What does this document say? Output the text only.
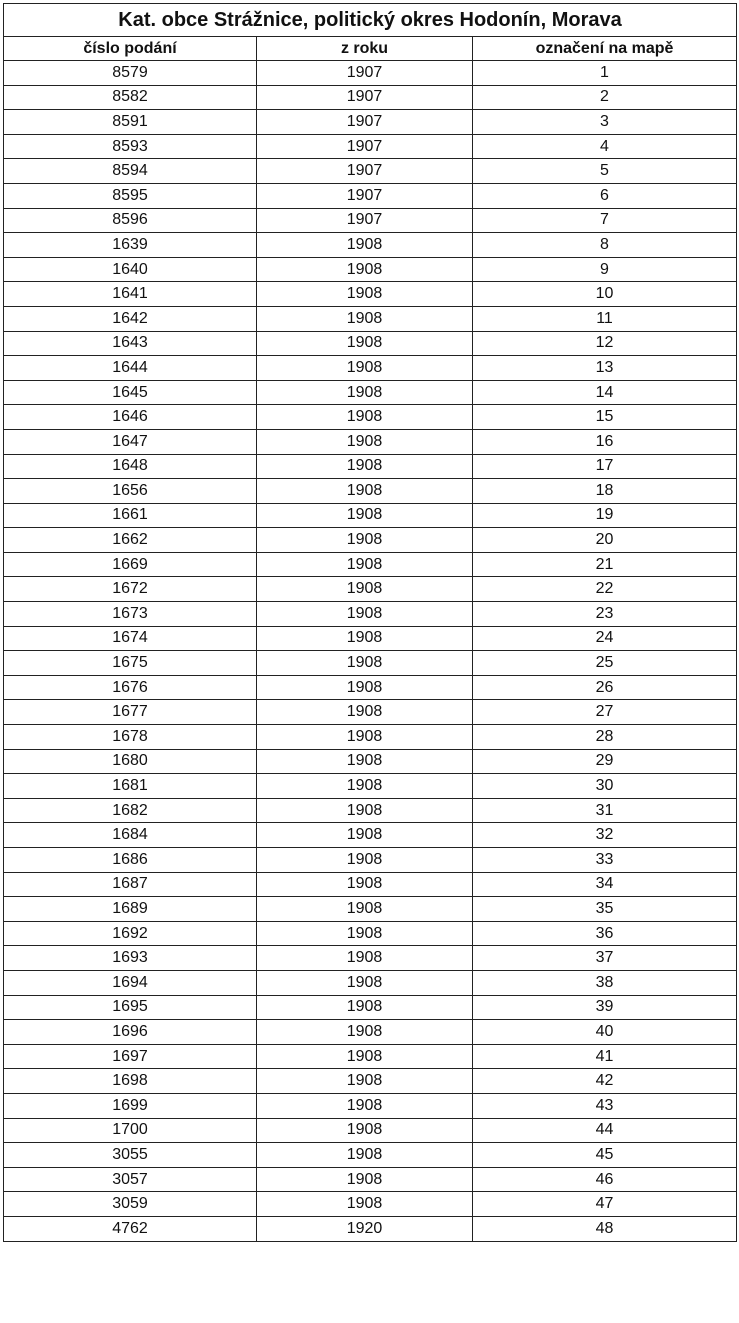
Kat. obce Strážnice, politický okres Hodonín, Morava		
číslo podání	z roku	označení na mapě
8579	1907	1
8582	1907	2
8591	1907	3
8593	1907	4
8594	1907	5
8595	1907	6
8596	1907	7
1639	1908	8
1640	1908	9
1641	1908	10
1642	1908	11
1643	1908	12
1644	1908	13
1645	1908	14
1646	1908	15
1647	1908	16
1648	1908	17
1656	1908	18
1661	1908	19
1662	1908	20
1669	1908	21
1672	1908	22
1673	1908	23
1674	1908	24
1675	1908	25
1676	1908	26
1677	1908	27
1678	1908	28
1680	1908	29
1681	1908	30
1682	1908	31
1684	1908	32
1686	1908	33
1687	1908	34
1689	1908	35
1692	1908	36
1693	1908	37
1694	1908	38
1695	1908	39
1696	1908	40
1697	1908	41
1698	1908	42
1699	1908	43
1700	1908	44
3055	1908	45
3057	1908	46
3059	1908	47
4762	1920	48
